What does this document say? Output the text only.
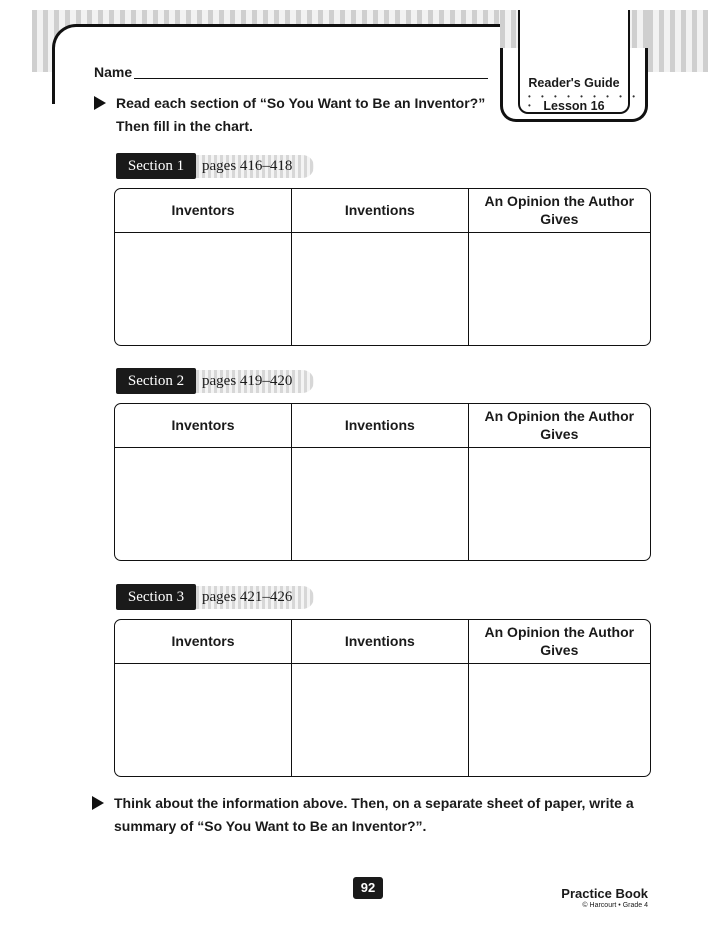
Reader's Guide
• • • • • • • • • • Lesson 16
Name
Read each section of “So You Want to Be an Inventor?”
Then fill in the chart.
Section 1	pages 416–418
Inventors	Inventions	An Opinion the Author Gives

Section 2	pages 419–420
Inventors	Inventions	An Opinion the Author Gives

Section 3	pages 421–426
Inventors	Inventions	An Opinion the Author Gives

Think about the information above. Then, on a separate sheet of paper, write a
summary of “So You Want to Be an Inventor?”.
92	Practice Book
© Harcourt • Grade 4
